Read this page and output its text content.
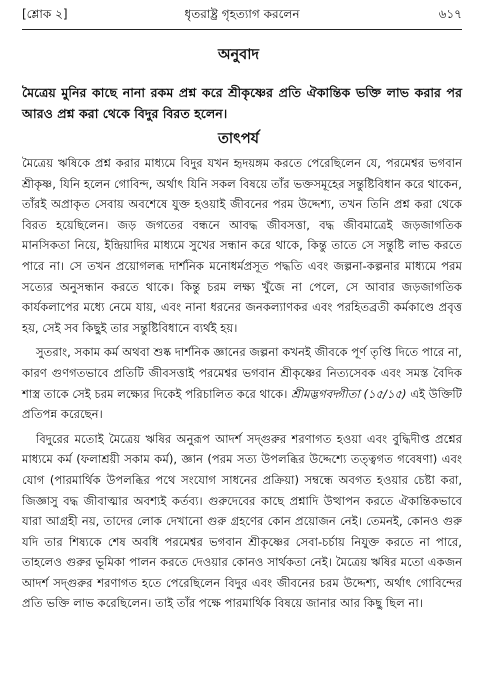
[শ্লোক ২]	ধৃতরাষ্ট্র গৃহত্যাগ করলেন	৬১৭
অনুবাদ
মৈত্রেয় মুনির কাছে নানা রকম প্রশ্ন করে শ্রীকৃষ্ণের প্রতি ঐকান্তিক ভক্তি লাভ করার পর আরও প্রশ্ন করা থেকে বিদুর বিরত হলেন।
তাৎপর্য

মৈত্রেয় ঋষিকে প্রশ্ন করার মাধ্যমে বিদুর যখন হৃদয়ঙ্গম করতে পেরেছিলেন যে, পরমেশ্বর ভগবান শ্রীকৃষ্ণ, যিনি হলেন গোবিন্দ, অর্থাৎ যিনি সকল বিষয়ে তাঁর ভক্তসমূহের সন্তুষ্টিবিধান করে থাকেন, তাঁরই অপ্রাকৃত সেবায় অবশেষে যুক্ত হওয়াই জীবনের পরম উদ্দেশ্য, তখন তিনি প্রশ্ন করা থেকে বিরত হয়েছিলেন। জড় জগতের বন্ধনে আবদ্ধ জীবসত্তা, বদ্ধ জীবমাত্রেই জড়জাগতিক মানসিকতা নিয়ে, ইন্দ্রিয়াদির মাধ্যমে সুখের সন্ধান করে থাকে, কিন্তু তাতে সে সন্তুষ্টি লাভ করতে পারে না। সে তখন প্রয়োগলব্ধ দার্শনিক মনোধর্মপ্রসূত পদ্ধতি এবং জল্পনা-কল্পনার মাধ্যমে পরম সত্যের অনুসন্ধান করতে থাকে। কিন্তু চরম লক্ষ্য খুঁজে না পেলে, সে আবার জড়জাগতিক কার্যকলাপের মধ্যে নেমে যায়, এবং নানা ধরনের জনকল্যাণকর এবং পরহিতব্রতী কর্মকাণ্ডে প্রবৃত্ত হয়, সেই সব কিছুই তার সন্তুষ্টিবিধানে ব্যর্থই হয়।

সুতরাং, সকাম কর্ম অথবা শুষ্ক দার্শনিক জ্ঞানের জল্পনা কখনই জীবকে পূর্ণ তৃপ্তি দিতে পারে না, কারণ গুণগতভাবে প্রতিটি জীবসত্তাই পরমেশ্বর ভগবান শ্রীকৃষ্ণের নিত্যসেবক এবং সমস্ত বৈদিক শাস্ত্র তাকে সেই চরম লক্ষ্যের দিকেই পরিচালিত করে থাকে। শ্রীমদ্ভগবদ্গীতা (১৫/১৫) এই উক্তিটি প্রতিপন্ন করেছেন।

বিদুরের মতোই মৈত্রেয় ঋষির অনুরূপ আদর্শ সদ্গুরুর শরণাগত হওয়া এবং বুদ্ধিদীপ্ত প্রশ্নের মাধ্যমে কর্ম (ফলাশ্রয়ী সকাম কর্ম), জ্ঞান (পরম সত্য উপলব্ধির উদ্দেশ্যে তত্ত্বগত গবেষণা) এবং যোগ (পারমার্থিক উপলব্ধির পথে সংযোগ সাধনের প্রক্রিয়া) সম্বন্ধে অবগত হওয়ার চেষ্টা করা, জিজ্ঞাসু বদ্ধ জীবাত্মার অবশ্যই কর্তব্য। গুরুদেবের কাছে প্রশ্নাদি উত্থাপন করতে ঐকান্তিকভাবে যারা আগ্রহী নয়, তাদের লোক দেখানো গুরু গ্রহণের কোন প্রয়োজন নেই। তেমনই, কোনও গুরু যদি তার শিষ্যকে শেষ অবধি পরমেশ্বর ভগবান শ্রীকৃষ্ণের সেবা-চর্চায় নিযুক্ত করতে না পারে, তাহলেও গুরুর ভূমিকা পালন করতে দেওয়ার কোনও সার্থকতা নেই। মৈত্রেয় ঋষির মতো একজন আদর্শ সদ্গুরুর শরণাগত হতে পেরেছিলেন বিদুর এবং জীবনের চরম উদ্দেশ্য, অর্থাৎ গোবিন্দের প্রতি ভক্তি লাভ করেছিলেন। তাই তাঁর পক্ষে পারমার্থিক বিষয়ে জানার আর কিছু ছিল না।
